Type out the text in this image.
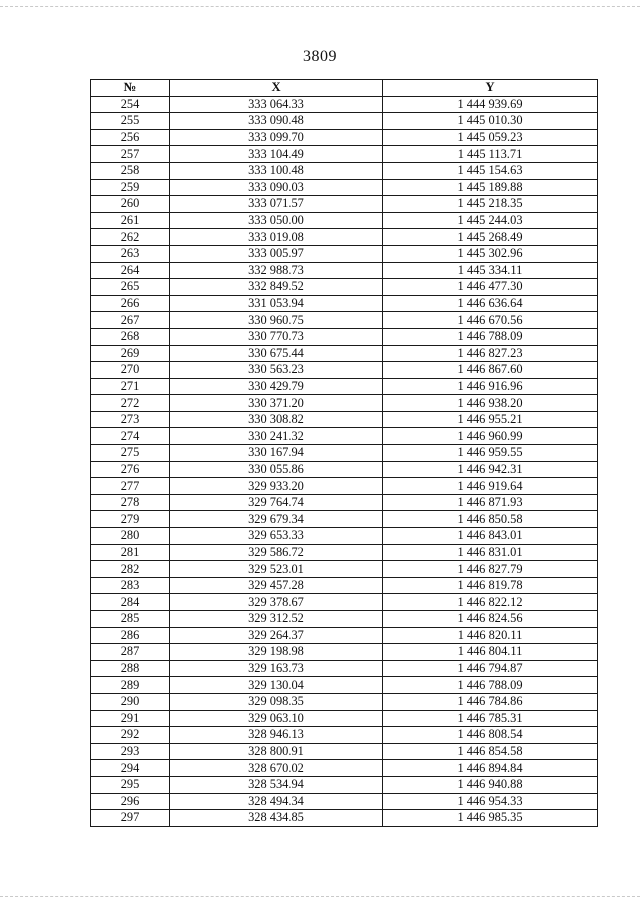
3809
№	X	Y
254	333 064.33	1 444 939.69
255	333 090.48	1 445 010.30
256	333 099.70	1 445 059.23
257	333 104.49	1 445 113.71
258	333 100.48	1 445 154.63
259	333 090.03	1 445 189.88
260	333 071.57	1 445 218.35
261	333 050.00	1 445 244.03
262	333 019.08	1 445 268.49
263	333 005.97	1 445 302.96
264	332 988.73	1 445 334.11
265	332 849.52	1 446 477.30
266	331 053.94	1 446 636.64
267	330 960.75	1 446 670.56
268	330 770.73	1 446 788.09
269	330 675.44	1 446 827.23
270	330 563.23	1 446 867.60
271	330 429.79	1 446 916.96
272	330 371.20	1 446 938.20
273	330 308.82	1 446 955.21
274	330 241.32	1 446 960.99
275	330 167.94	1 446 959.55
276	330 055.86	1 446 942.31
277	329 933.20	1 446 919.64
278	329 764.74	1 446 871.93
279	329 679.34	1 446 850.58
280	329 653.33	1 446 843.01
281	329 586.72	1 446 831.01
282	329 523.01	1 446 827.79
283	329 457.28	1 446 819.78
284	329 378.67	1 446 822.12
285	329 312.52	1 446 824.56
286	329 264.37	1 446 820.11
287	329 198.98	1 446 804.11
288	329 163.73	1 446 794.87
289	329 130.04	1 446 788.09
290	329 098.35	1 446 784.86
291	329 063.10	1 446 785.31
292	328 946.13	1 446 808.54
293	328 800.91	1 446 854.58
294	328 670.02	1 446 894.84
295	328 534.94	1 446 940.88
296	328 494.34	1 446 954.33
297	328 434.85	1 446 985.35
